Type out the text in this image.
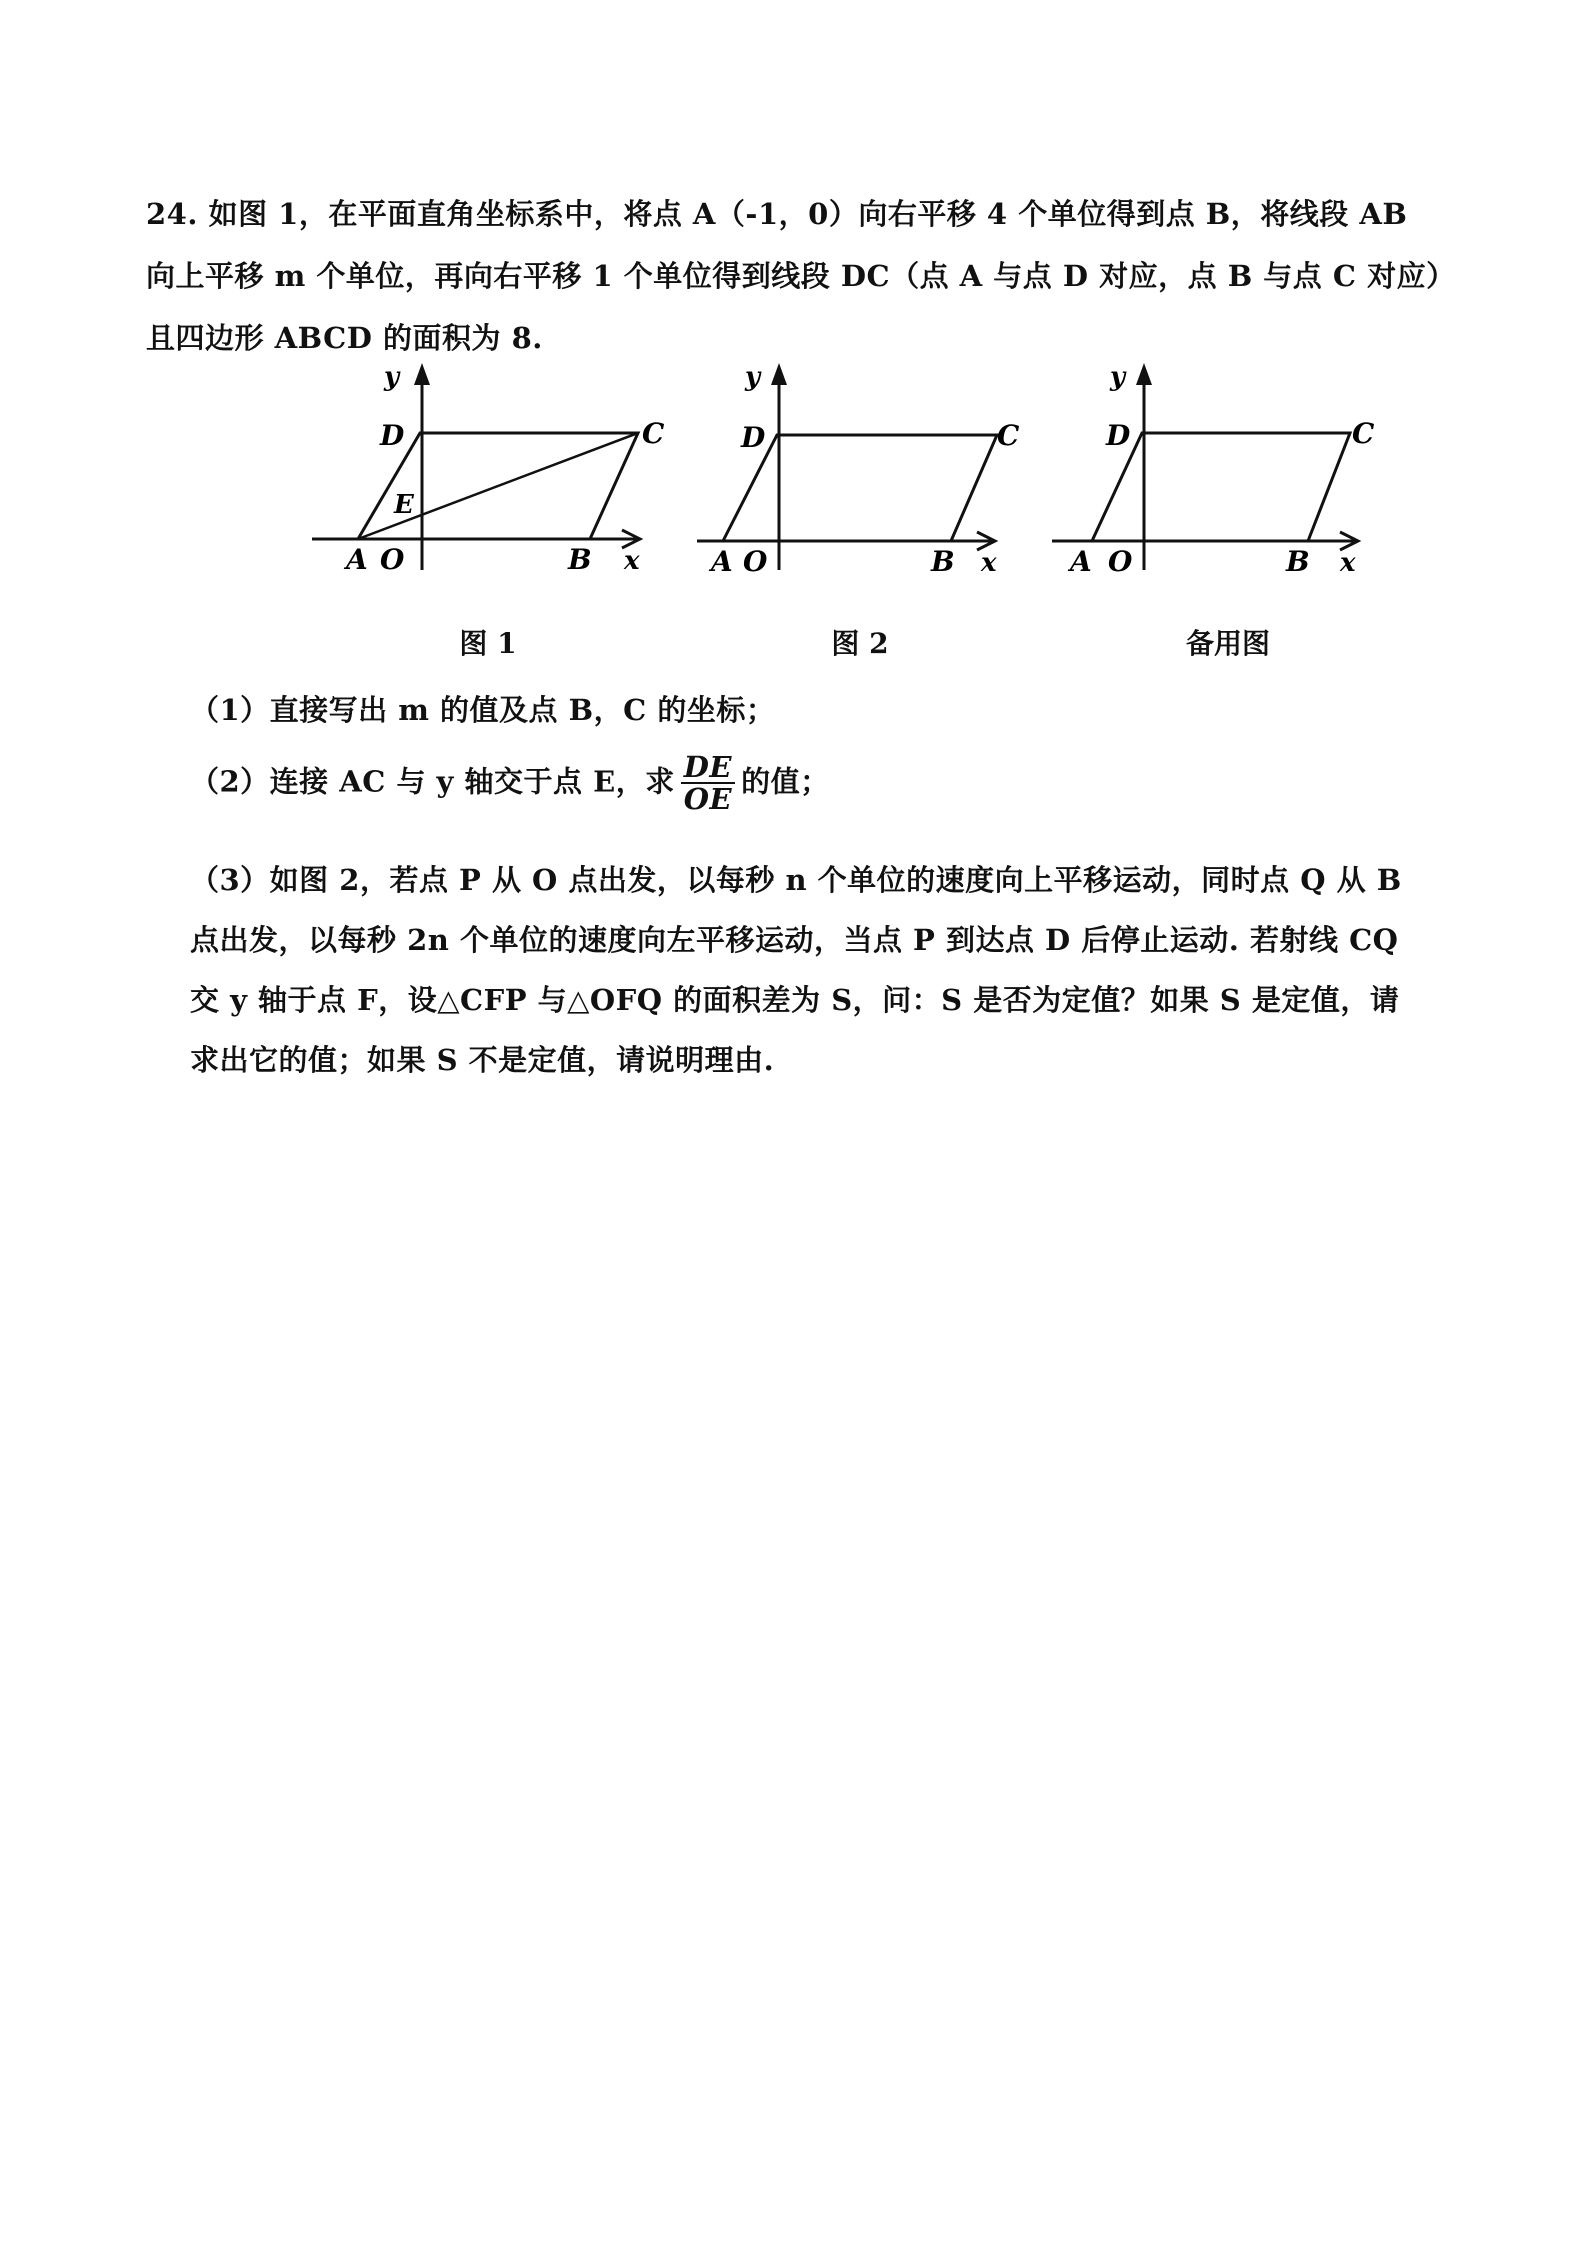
24. 如图 1，在平面直角坐标系中，将点 A（-1，0）向右平移 4 个单位得到点 B，将线段 AB
向上平移 m 个单位，再向右平移 1 个单位得到线段 DC（点 A 与点 D 对应，点 B 与点 C 对应）
且四边形 ABCD 的面积为 8.
y
D	C
E
A O	B x
图 1
y
D	C
A O	B x
图 2
y
D	C
A O	B x
备用图
（1）直接写出 m 的值及点 B，C 的坐标；
（2）连接 AC 与 y 轴交于点 E，求 $\frac{DE}{OE}$ 的值；
（3）如图 2，若点 P 从 O 点出发，以每秒 n 个单位的速度向上平移运动，同时点 Q 从 B
点出发，以每秒 2n 个单位的速度向左平移运动，当点 P 到达点 D 后停止运动. 若射线 CQ
交 y 轴于点 F，设△CFP 与△OFQ 的面积差为 S，问：S 是否为定值？如果 S 是定值，请
求出它的值；如果 S 不是定值，请说明理由.
